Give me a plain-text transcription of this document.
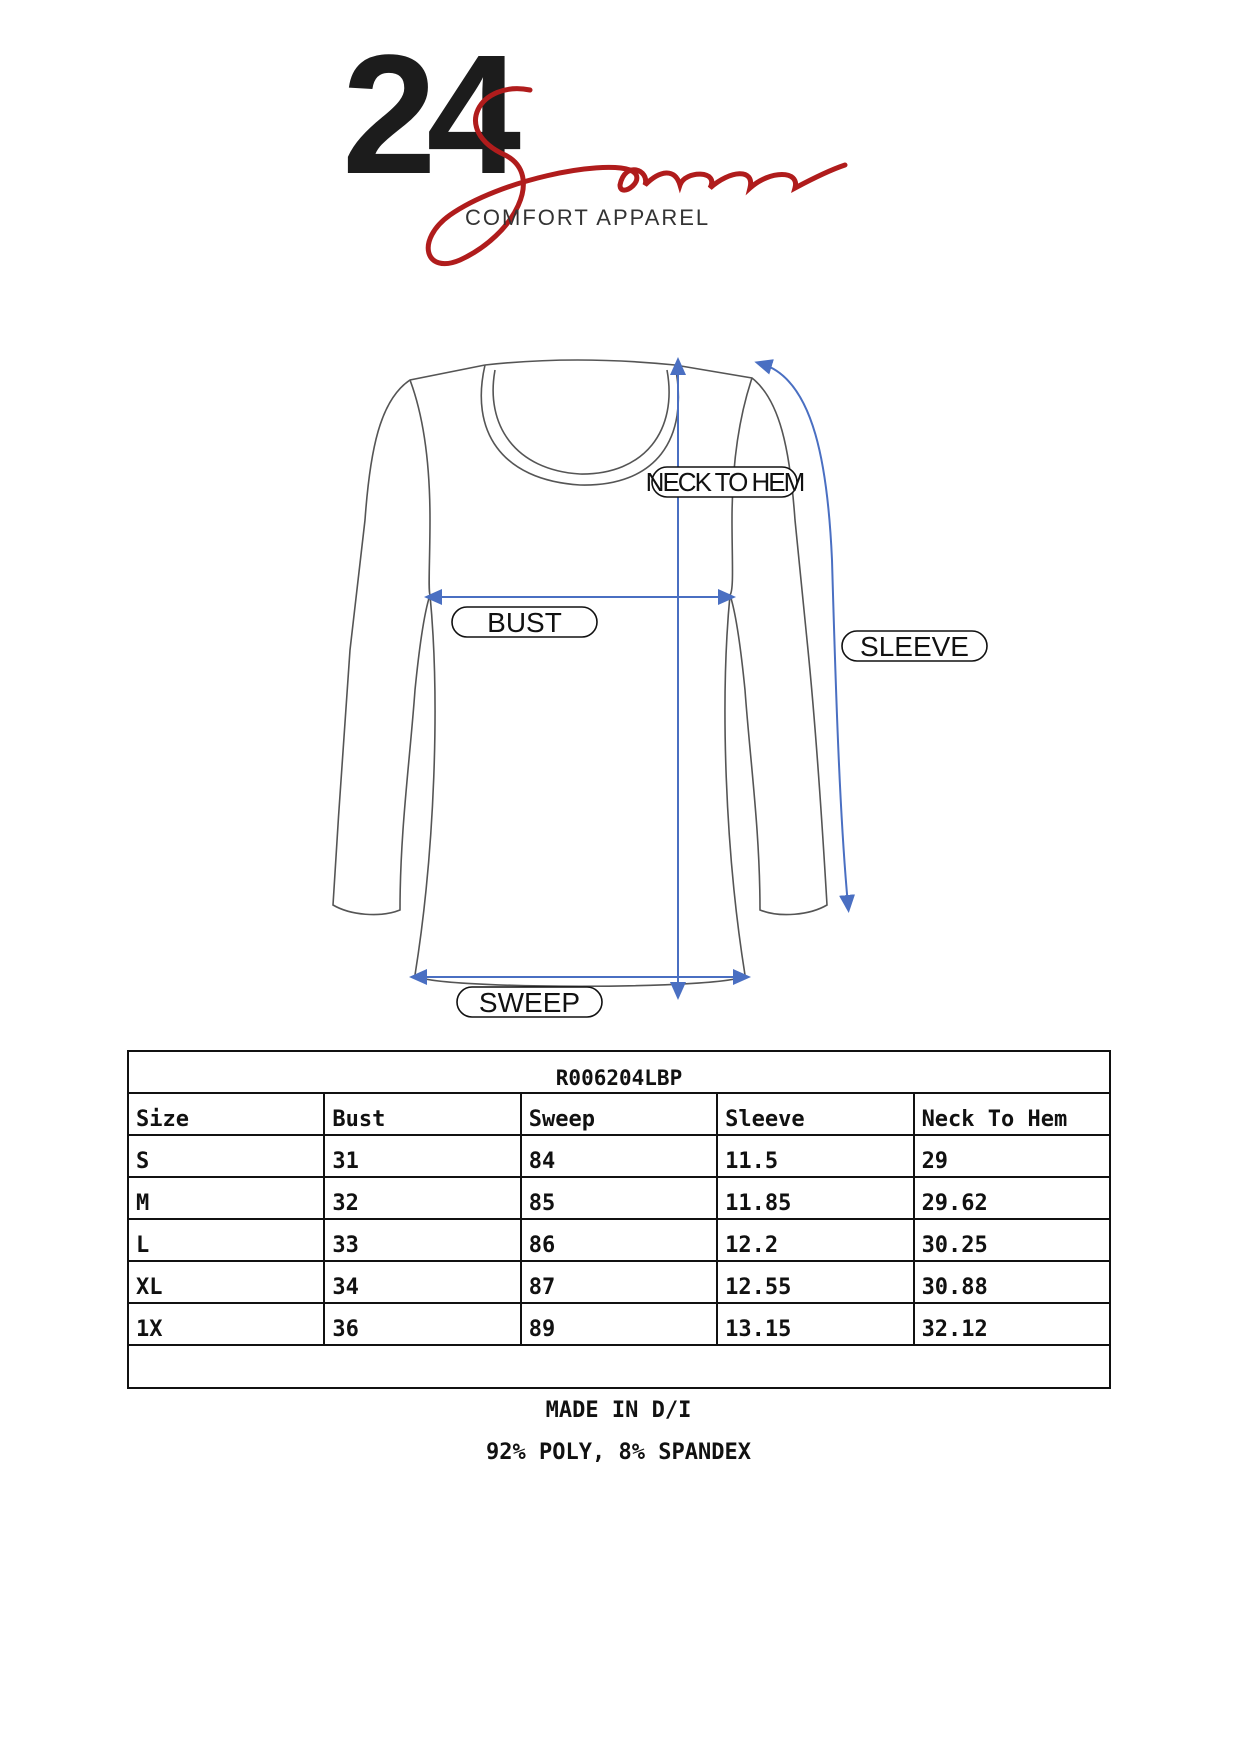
24
COMFORT APPAREL
NECK TO HEM
BUST
SLEEVE
SWEEP
R006204LBP				
Size	Bust	Sweep	Sleeve	Neck To Hem
S	31	84	11.5	29
M	32	85	11.85	29.62
L	33	86	12.2	30.25
XL	34	87	12.55	30.88
1X	36	89	13.15	32.12

MADE IN D/I
92% POLY, 8% SPANDEX
